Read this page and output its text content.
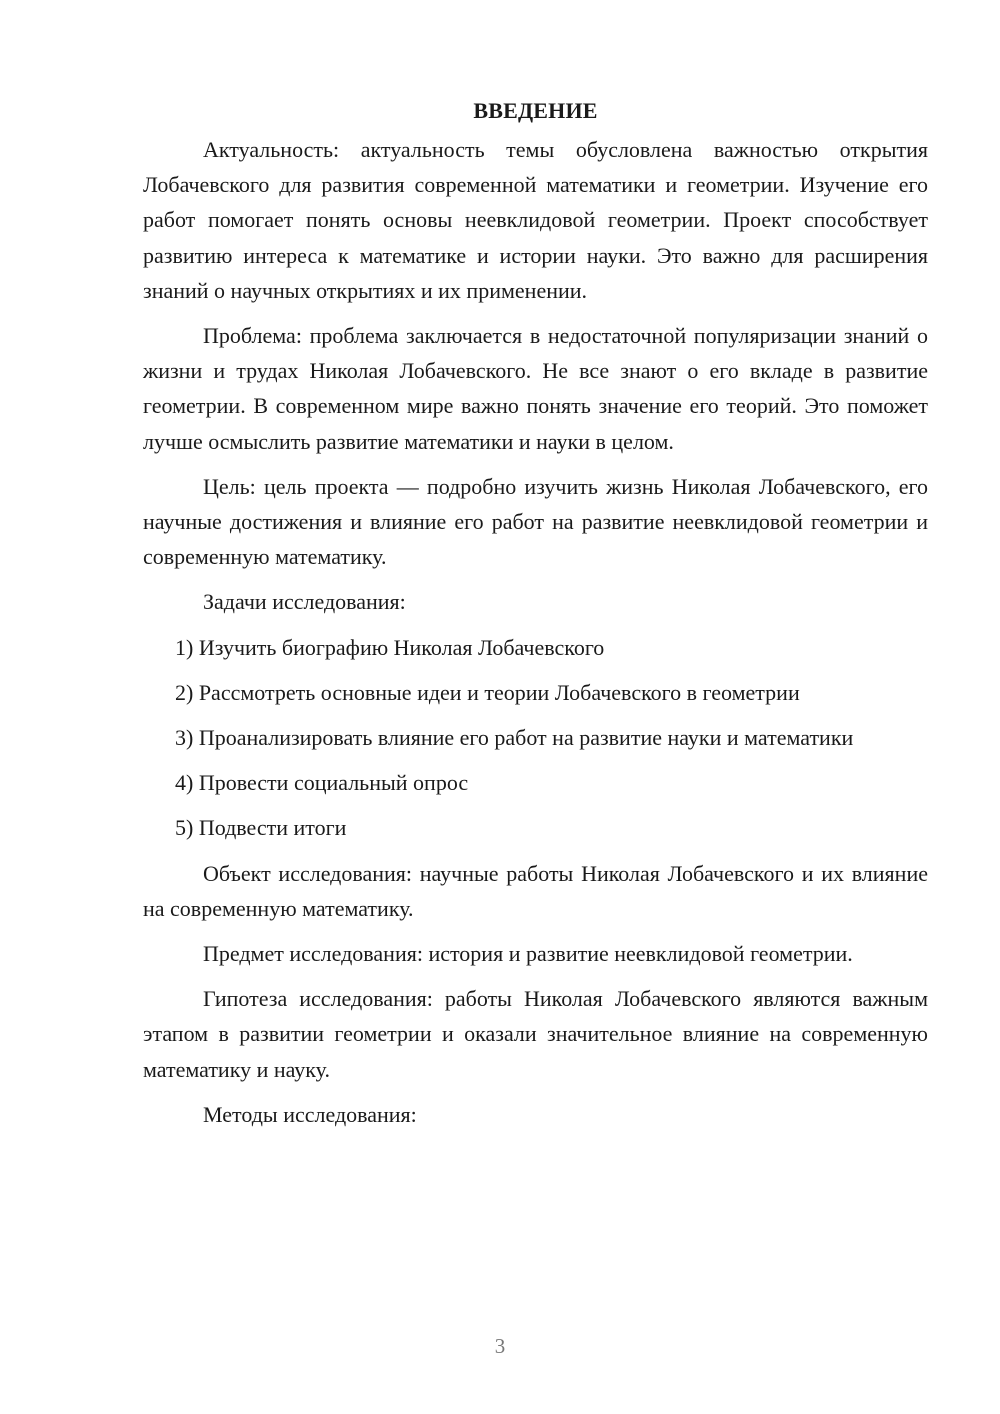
ВВЕДЕНИЕ

Актуальность: актуальность темы обусловлена важностью открытия Лобачевского для развития современной математики и геометрии. Изучение его работ помогает понять основы неевклидовой геометрии. Проект способствует развитию интереса к математике и истории науки. Это важно для расширения знаний о научных открытиях и их применении.

Проблема: проблема заключается в недостаточной популяризации знаний о жизни и трудах Николая Лобачевского. Не все знают о его вкладе в развитие геометрии. В современном мире важно понять значение его теорий. Это поможет лучше осмыслить развитие математики и науки в целом.

Цель: цель проекта — подробно изучить жизнь Николая Лобачевского, его научные достижения и влияние его работ на развитие неевклидовой геометрии и современную математику.

Задачи исследования:

1) Изучить биографию Николая Лобачевского

2) Рассмотреть основные идеи и теории Лобачевского в геометрии

3) Проанализировать влияние его работ на развитие науки и математики

4) Провести социальный опрос

5) Подвести итоги

Объект исследования: научные работы Николая Лобачевского и их влияние на современную математику.

Предмет исследования: история и развитие неевклидовой геометрии.

Гипотеза исследования: работы Николая Лобачевского являются важным этапом в развитии геометрии и оказали значительное влияние на современную математику и науку.

Методы исследования:

3
